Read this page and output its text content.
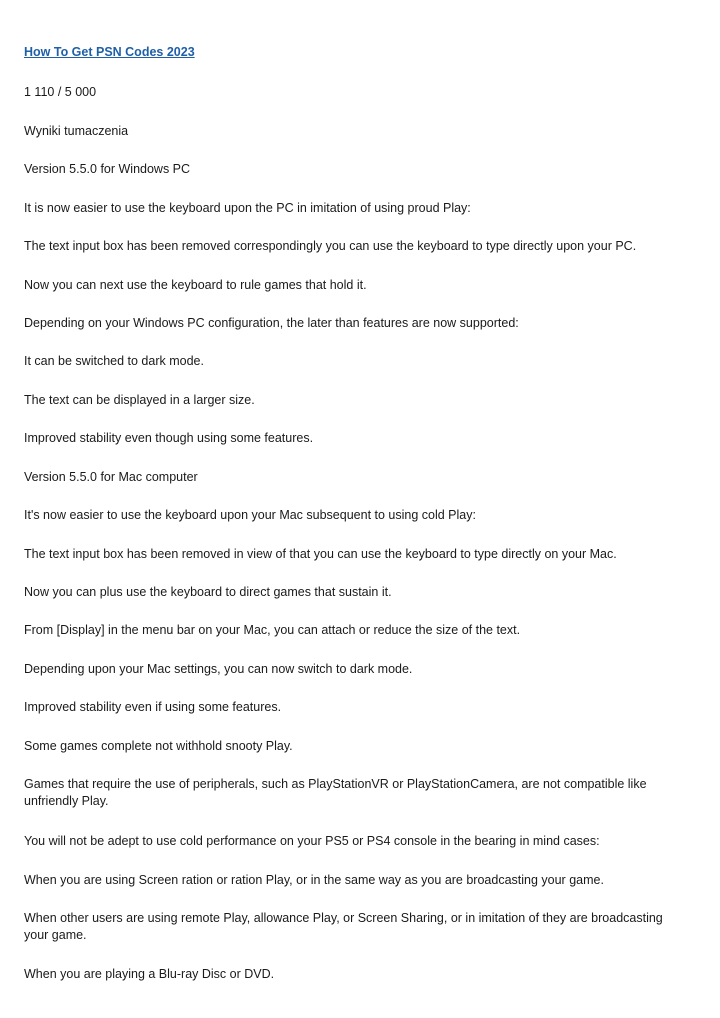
How To Get PSN Codes 2023

1 110 / 5 000

Wyniki tumaczenia

Version 5.5.0 for Windows PC

It is now easier to use the keyboard upon the PC in imitation of using proud Play:

The text input box has been removed correspondingly you can use the keyboard to type directly upon your PC.

Now you can next use the keyboard to rule games that hold it.

Depending on your Windows PC configuration, the later than features are now supported:

It can be switched to dark mode.

The text can be displayed in a larger size.

Improved stability even though using some features.

Version 5.5.0 for Mac computer

It's now easier to use the keyboard upon your Mac subsequent to using cold Play:

The text input box has been removed in view of that you can use the keyboard to type directly on your Mac.

Now you can plus use the keyboard to direct games that sustain it.

From [Display] in the menu bar on your Mac, you can attach or reduce the size of the text.

Depending upon your Mac settings, you can now switch to dark mode.

Improved stability even if using some features.

Some games complete not withhold snooty Play.

Games that require the use of peripherals, such as PlayStationVR or PlayStationCamera, are not compatible like unfriendly Play.

You will not be adept to use cold performance on your PS5 or PS4 console in the bearing in mind cases:

When you are using Screen ration or ration Play, or in the same way as you are broadcasting your game.

When other users are using remote Play, allowance Play, or Screen Sharing, or in imitation of they are broadcasting your game.

When you are playing a Blu-ray Disc or DVD.
